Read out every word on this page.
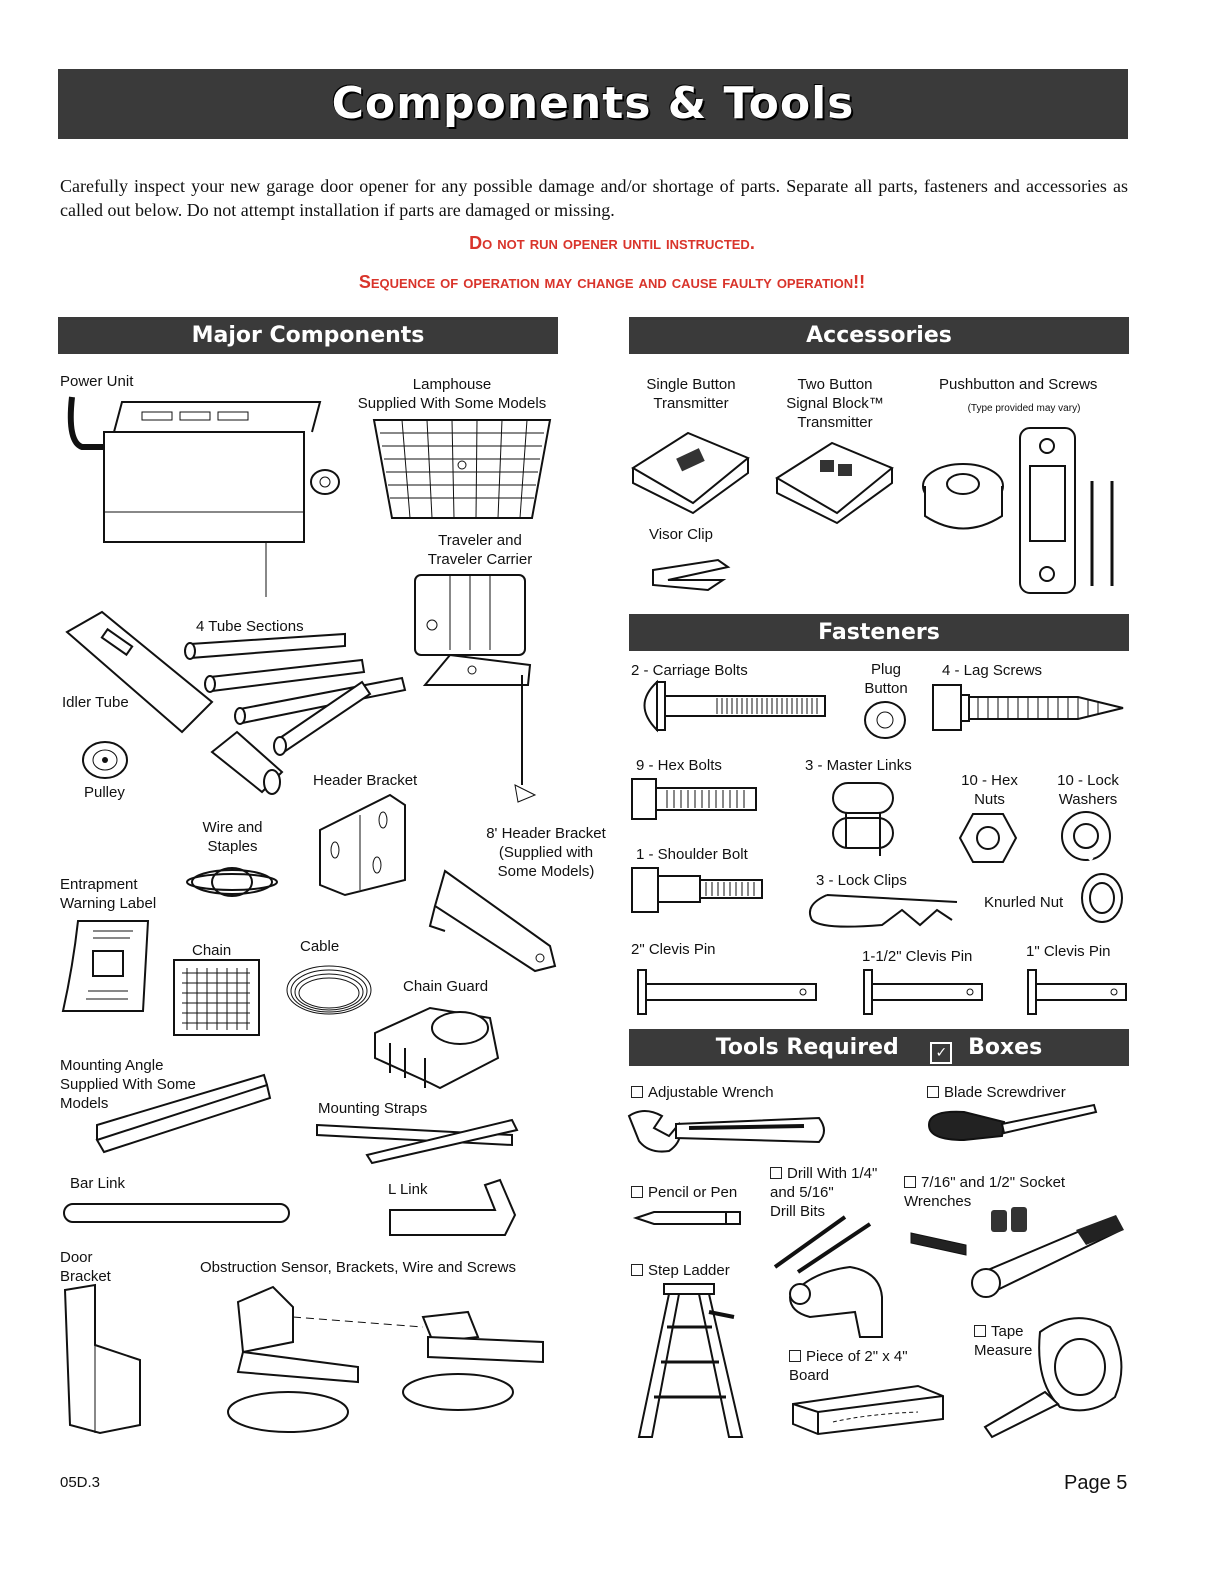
Components & Tools
Carefully inspect your new garage door opener for any possible damage and/or shortage of parts. Separate all parts, fasteners and accessories as called out below. Do not attempt installation if parts are damaged or missing.
Do not run opener until instructed.
Sequence of operation may change and cause faulty operation!!
Major Components	Accessories
Fasteners
Tools Required	✓ Boxes
Power Unit	Lamphouse
Supplied With Some Models
Traveler and
Traveler Carrier
4 Tube Sections
Idler Tube
Pulley
Header Bracket
8' Header Bracket
(Supplied with
Some Models)
Wire and
Staples
Entrapment
Warning Label
Chain	Cable
Chain Guard
Mounting Angle
Supplied With Some
Models	Mounting Straps
Bar Link	L Link
Door
Bracket
Obstruction Sensor, Brackets, Wire and Screws
Single Button
Transmitter
Two Button
Signal Block™
Transmitter
Pushbutton and Screws
(Type provided may vary)
Visor Clip
2 - Carriage Bolts	Plug
Button
4 - Lag Screws
9 - Hex Bolts	3 - Master Links
10 - Hex
Nuts
10 - Lock
Washers
1 - Shoulder Bolt
3 - Lock Clips
Knurled Nut
2" Clevis Pin	1-1/2" Clevis Pin	1" Clevis Pin
Adjustable Wrench	Blade Screwdriver
Pencil or Pen
Drill With 1/4"
and 5/16"
Drill Bits
7/16" and 1/2" Socket
Wrenches
Step Ladder
Tape
Measure
Piece of 2" x 4"
Board
05D.3	Page 5
